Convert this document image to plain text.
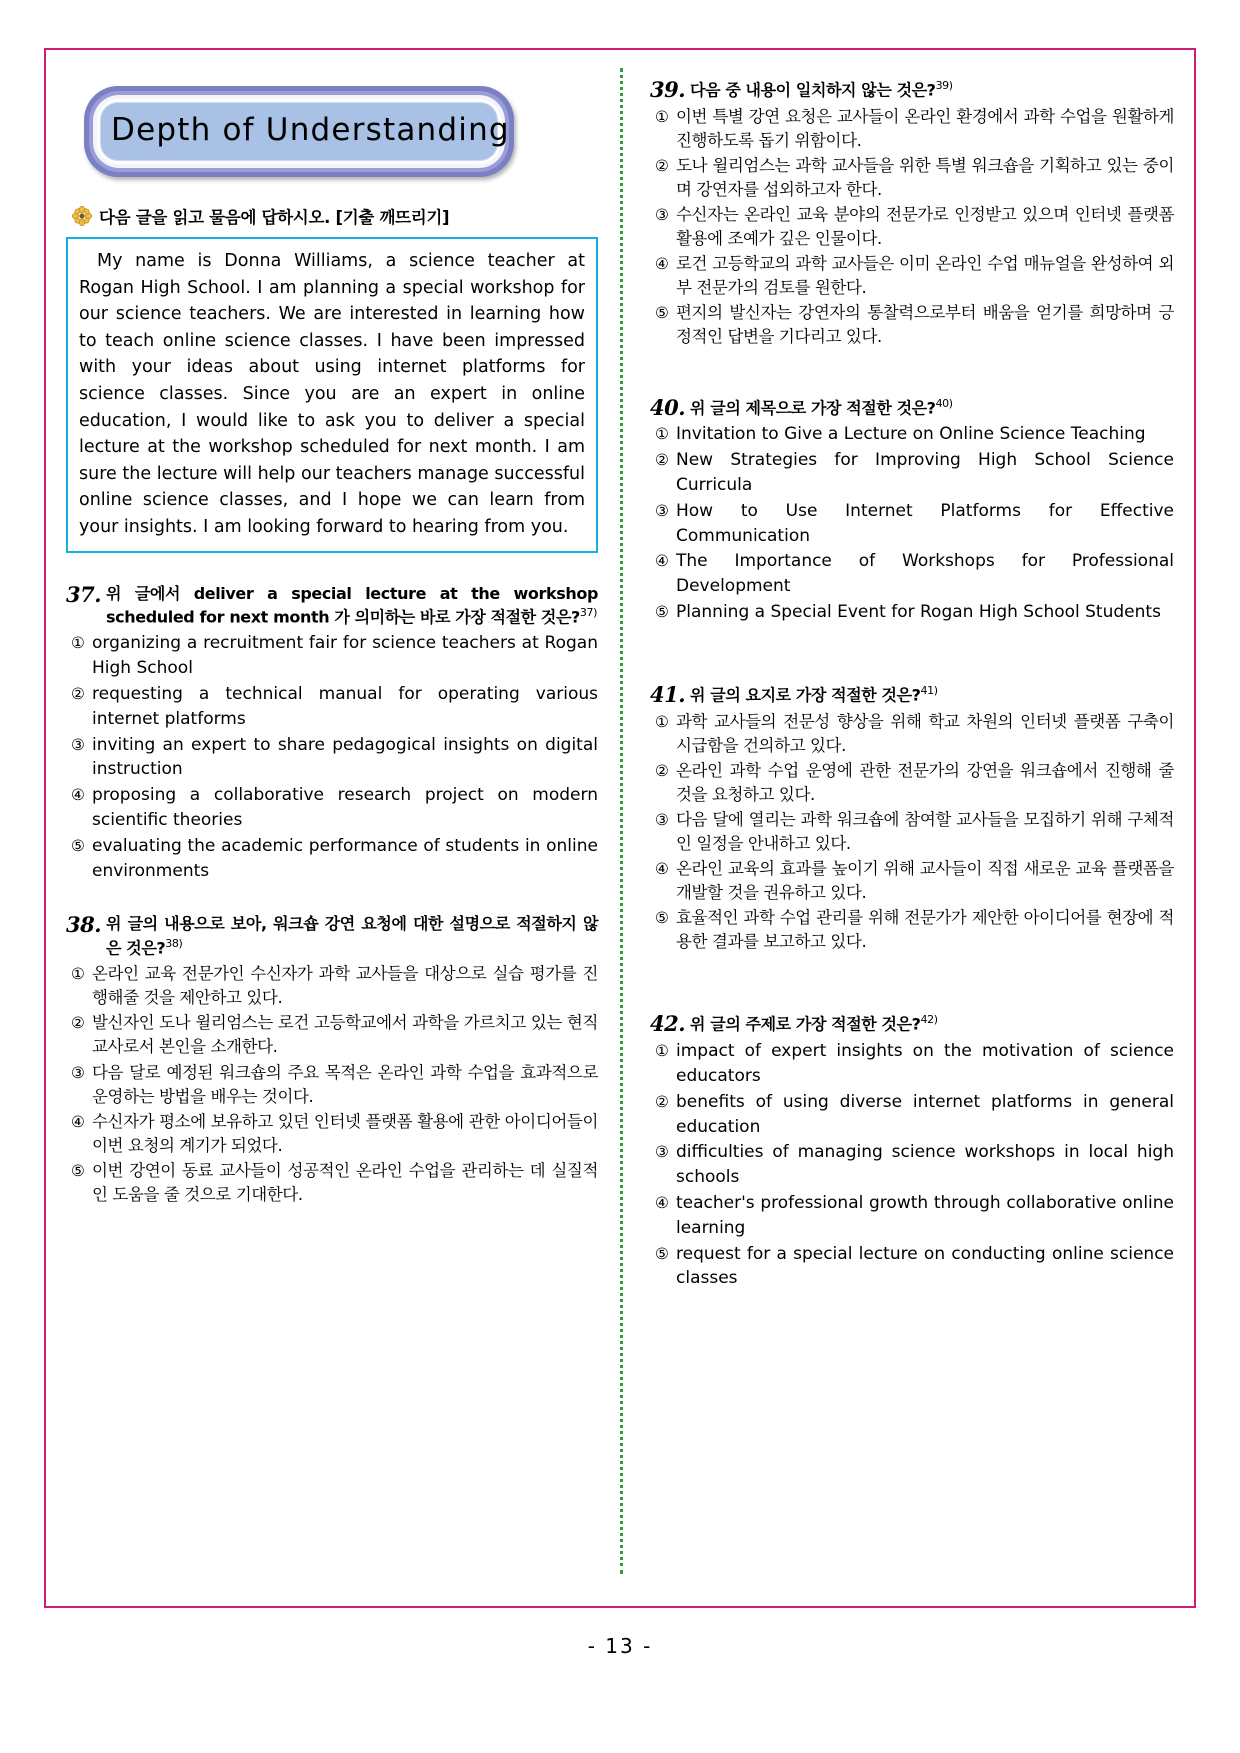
Depth of Understanding
다음 글을 읽고 물음에 답하시오. [기출 깨뜨리기]
My name is Donna Williams, a science teacher at Rogan High School. I am planning a special workshop for our science teachers. We are interested in learning how to teach online science classes. I have been impressed with your ideas about using internet platforms for science classes. Since you are an expert in online education, I would like to ask you to deliver a special lecture at the workshop scheduled for next month. I am sure the lecture will help our teachers manage successful online science classes, and I hope we can learn from your insights. I am looking forward to hearing from you.
37. 위 글에서 deliver a special lecture at the workshop scheduled for next month 가 의미하는 바로 가장 적절한 것은?$^{37)}$
① organizing a recruitment fair for science teachers at Rogan High School
② requesting a technical manual for operating various internet platforms
③ inviting an expert to share pedagogical insights on digital instruction
④ proposing a collaborative research project on modern scientific theories
⑤ evaluating the academic performance of students in online environments
38. 위 글의 내용으로 보아, 워크숍 강연 요청에 대한 설명으로 적절하지 않은 것은?$^{38)}$
① 온라인 교육 전문가인 수신자가 과학 교사들을 대상으로 실습 평가를 진행해줄 것을 제안하고 있다.
② 발신자인 도나 윌리엄스는 로건 고등학교에서 과학을 가르치고 있는 현직 교사로서 본인을 소개한다.
③ 다음 달로 예정된 워크숍의 주요 목적은 온라인 과학 수업을 효과적으로 운영하는 방법을 배우는 것이다.
④ 수신자가 평소에 보유하고 있던 인터넷 플랫폼 활용에 관한 아이디어들이 이번 요청의 계기가 되었다.
⑤ 이번 강연이 동료 교사들이 성공적인 온라인 수업을 관리하는 데 실질적인 도움을 줄 것으로 기대한다.
39. 다음 중 내용이 일치하지 않는 것은?$^{39)}$
① 이번 특별 강연 요청은 교사들이 온라인 환경에서 과학 수업을 원활하게 진행하도록 돕기 위함이다.
② 도나 윌리엄스는 과학 교사들을 위한 특별 워크숍을 기획하고 있는 중이며 강연자를 섭외하고자 한다.
③ 수신자는 온라인 교육 분야의 전문가로 인정받고 있으며 인터넷 플랫폼 활용에 조예가 깊은 인물이다.
④ 로건 고등학교의 과학 교사들은 이미 온라인 수업 매뉴얼을 완성하여 외부 전문가의 검토를 원한다.
⑤ 편지의 발신자는 강연자의 통찰력으로부터 배움을 얻기를 희망하며 긍정적인 답변을 기다리고 있다.
40. 위 글의 제목으로 가장 적절한 것은?$^{40)}$
① Invitation to Give a Lecture on Online Science Teaching
② New Strategies for Improving High School Science Curricula
③ How to Use Internet Platforms for Effective Communication
④ The Importance of Workshops for Professional Development
⑤ Planning a Special Event for Rogan High School Students
41. 위 글의 요지로 가장 적절한 것은?$^{41)}$
① 과학 교사들의 전문성 향상을 위해 학교 차원의 인터넷 플랫폼 구축이 시급함을 건의하고 있다.
② 온라인 과학 수업 운영에 관한 전문가의 강연을 워크숍에서 진행해 줄 것을 요청하고 있다.
③ 다음 달에 열리는 과학 워크숍에 참여할 교사들을 모집하기 위해 구체적인 일정을 안내하고 있다.
④ 온라인 교육의 효과를 높이기 위해 교사들이 직접 새로운 교육 플랫폼을 개발할 것을 권유하고 있다.
⑤ 효율적인 과학 수업 관리를 위해 전문가가 제안한 아이디어를 현장에 적용한 결과를 보고하고 있다.
42. 위 글의 주제로 가장 적절한 것은?$^{42)}$
① impact of expert insights on the motivation of science educators
② benefits of using diverse internet platforms in general education
③ difficulties of managing science workshops in local high schools
④ teacher's professional growth through collaborative online learning
⑤ request for a special lecture on conducting online science classes
- 13 -
